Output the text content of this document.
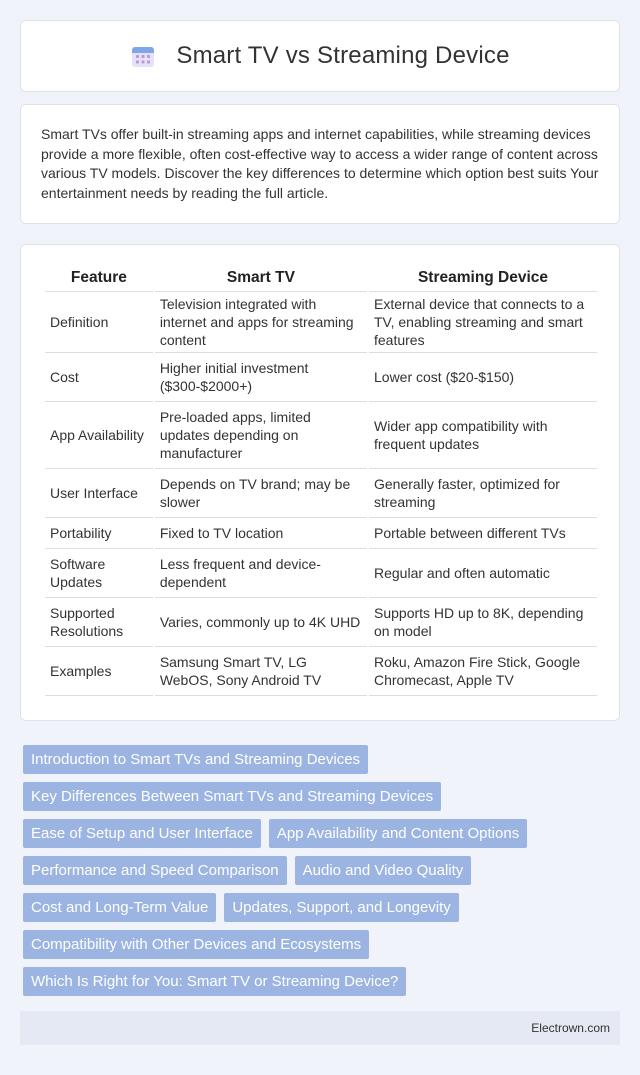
Smart TV vs Streaming Device

Smart TVs offer built-in streaming apps and internet capabilities, while streaming devices provide a more flexible, often cost-effective way to access a wider range of content across various TV models. Discover the key differences to determine which option best suits Your entertainment needs by reading the full article.

Feature	Smart TV	Streaming Device
Definition	Television integrated with internet and apps for streaming content	External device that connects to a TV, enabling streaming and smart features
Cost	Higher initial investment ($300-$2000+)	Lower cost ($20-$150)
App Availability	Pre-loaded apps, limited updates depending on manufacturer	Wider app compatibility with frequent updates
User Interface	Depends on TV brand; may be slower	Generally faster, optimized for streaming
Portability	Fixed to TV location	Portable between different TVs
Software Updates	Less frequent and device-dependent	Regular and often automatic
Supported Resolutions	Varies, commonly up to 4K UHD	Supports HD up to 8K, depending on model
Examples	Samsung Smart TV, LG WebOS, Sony Android TV	Roku, Amazon Fire Stick, Google Chromecast, Apple TV
Introduction to Smart TVs and Streaming Devices
Key Differences Between Smart TVs and Streaming Devices
Ease of Setup and User Interface	App Availability and Content Options
Performance and Speed Comparison	Audio and Video Quality
Cost and Long-Term Value	Updates, Support, and Longevity
Compatibility with Other Devices and Ecosystems
Which Is Right for You: Smart TV or Streaming Device?
Electrown.com
